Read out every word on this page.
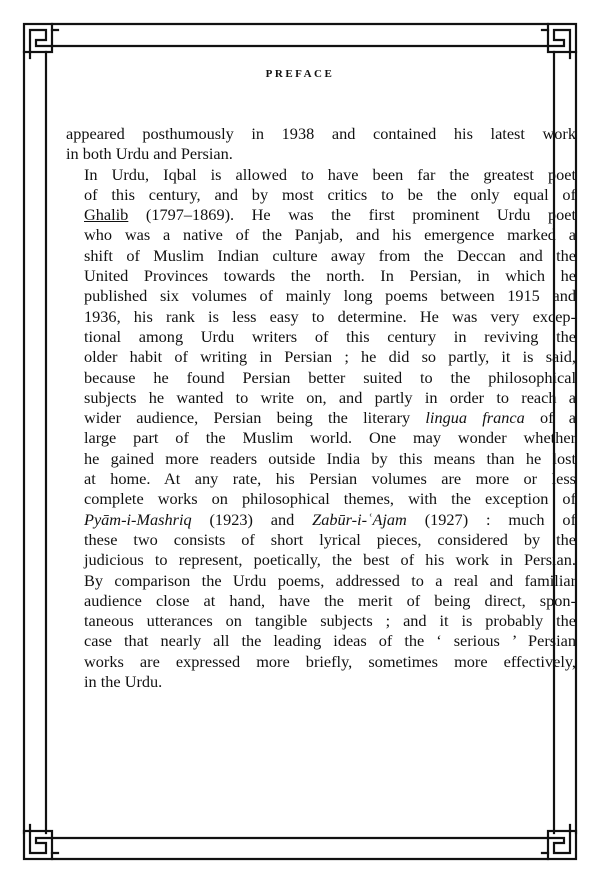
PREFACE

appeared posthumously in 1938 and contained his latest work
in both Urdu and Persian.

In Urdu, Iqbal is allowed to have been far the greatest poet
of this century, and by most critics to be the only equal of
Ghalib (1797–1869). He was the first prominent Urdu poet
who was a native of the Panjab, and his emergence marked a
shift of Muslim Indian culture away from the Deccan and the
United Provinces towards the north. In Persian, in which he
published six volumes of mainly long poems between 1915 and
1936, his rank is less easy to determine. He was very excep-
tional among Urdu writers of this century in reviving the
older habit of writing in Persian ; he did so partly, it is said,
because he found Persian better suited to the philosophical
subjects he wanted to write on, and partly in order to reach a
wider audience, Persian being the literary lingua franca of a
large part of the Muslim world. One may wonder whether
he gained more readers outside India by this means than he lost
at home. At any rate, his Persian volumes are more or less
complete works on philosophical themes, with the exception of
Pyām-i-Mashriq (1923) and Zabūr-i-ʿAjam (1927) : much of
these two consists of short lyrical pieces, considered by the
judicious to represent, poetically, the best of his work in Persian.
By comparison the Urdu poems, addressed to a real and familiar
audience close at hand, have the merit of being direct, spon-
taneous utterances on tangible subjects ; and it is probably the
case that nearly all the leading ideas of the ‘ serious ’ Persian
works are expressed more briefly, sometimes more effectively,
in the Urdu.
